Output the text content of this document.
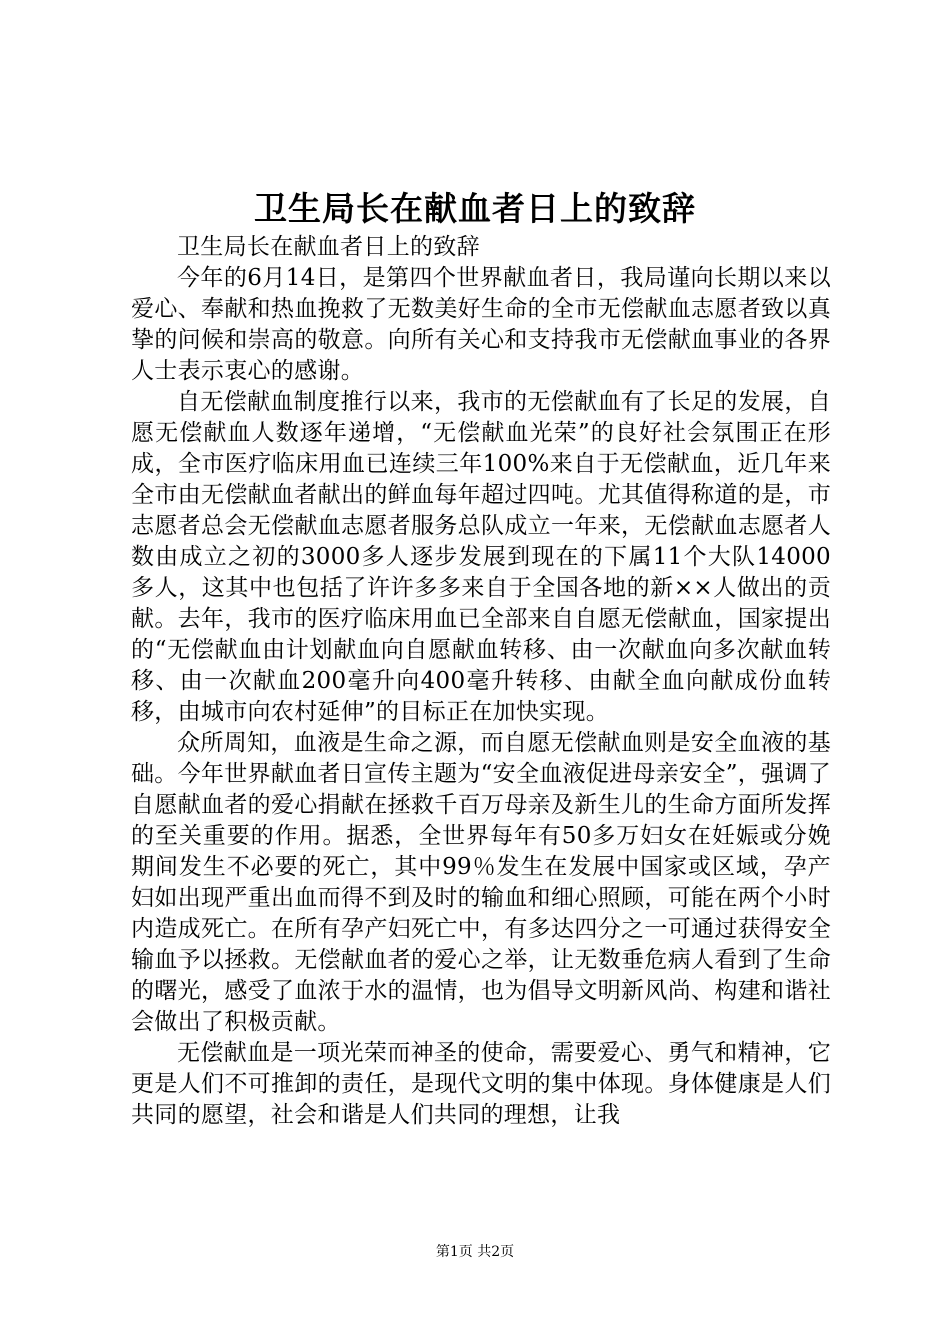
卫生局长在献血者日上的致辞

卫生局长在献血者日上的致辞

今年的6月14日，是第四个世界献血者日，我局谨向长期以来以爱心、奉献和热血挽救了无数美好生命的全市无偿献血志愿者致以真挚的问候和崇高的敬意。向所有关心和支持我市无偿献血事业的各界人士表示衷心的感谢。

自无偿献血制度推行以来，我市的无偿献血有了长足的发展，自愿无偿献血人数逐年递增，“无偿献血光荣”的良好社会氛围正在形成，全市医疗临床用血已连续三年100%来自于无偿献血，近几年来全市由无偿献血者献出的鲜血每年超过四吨。尤其值得称道的是，市志愿者总会无偿献血志愿者服务总队成立一年来，无偿献血志愿者人数由成立之初的3000多人逐步发展到现在的下属11个大队14000多人，这其中也包括了许许多多来自于全国各地的新××人做出的贡献。去年，我市的医疗临床用血已全部来自自愿无偿献血，国家提出的“无偿献血由计划献血向自愿献血转移、由一次献血向多次献血转移、由一次献血200毫升向400毫升转移、由献全血向献成份血转移，由城市向农村延伸”的目标正在加快实现。

众所周知，血液是生命之源，而自愿无偿献血则是安全血液的基础。今年世界献血者日宣传主题为“安全血液促进母亲安全”，强调了自愿献血者的爱心捐献在拯救千百万母亲及新生儿的生命方面所发挥的至关重要的作用。据悉，全世界每年有50多万妇女在妊娠或分娩期间发生不必要的死亡，其中99％发生在发展中国家或区域，孕产妇如出现严重出血而得不到及时的输血和细心照顾，可能在两个小时内造成死亡。在所有孕产妇死亡中，有多达四分之一可通过获得安全输血予以拯救。无偿献血者的爱心之举，让无数垂危病人看到了生命的曙光，感受了血浓于水的温情，也为倡导文明新风尚、构建和谐社会做出了积极贡献。

无偿献血是一项光荣而神圣的使命，需要爱心、勇气和精神，它更是人们不可推卸的责任，是现代文明的集中体现。身体健康是人们共同的愿望，社会和谐是人们共同的理想，让我

第1页 共2页
